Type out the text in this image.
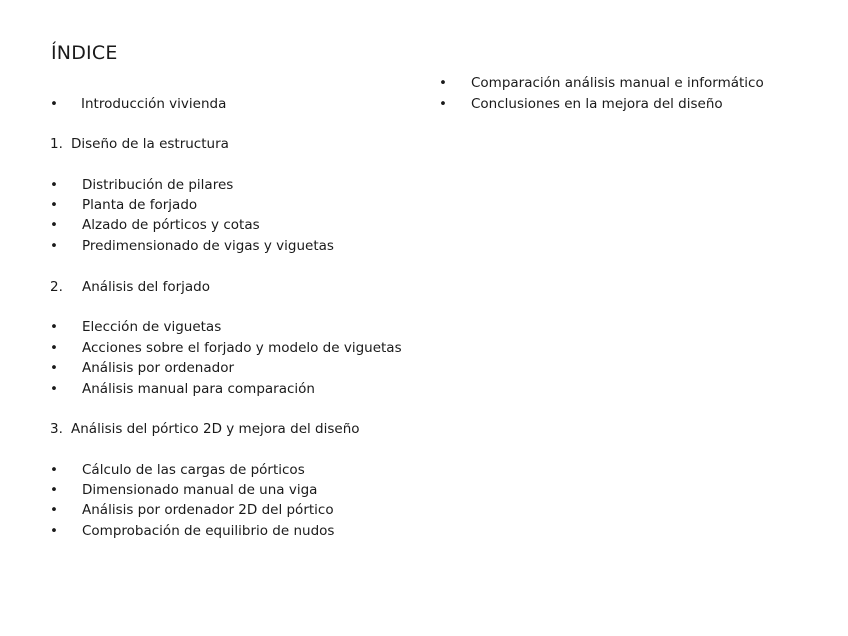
ÍNDICE
• Introducción vivienda
1. Diseño de la estructura
• Distribución de pilares
• Planta de forjado
• Alzado de pórticos y cotas
• Predimensionado de vigas y viguetas
2. Análisis del forjado
• Elección de viguetas
• Acciones sobre el forjado y modelo de viguetas
• Análisis por ordenador
• Análisis manual para comparación
3. Análisis del pórtico 2D y mejora del diseño
• Cálculo de las cargas de pórticos
• Dimensionado manual de una viga
• Análisis por ordenador 2D del pórtico
• Comprobación de equilibrio de nudos
• Comparación análisis manual e informático
• Conclusiones en la mejora del diseño
